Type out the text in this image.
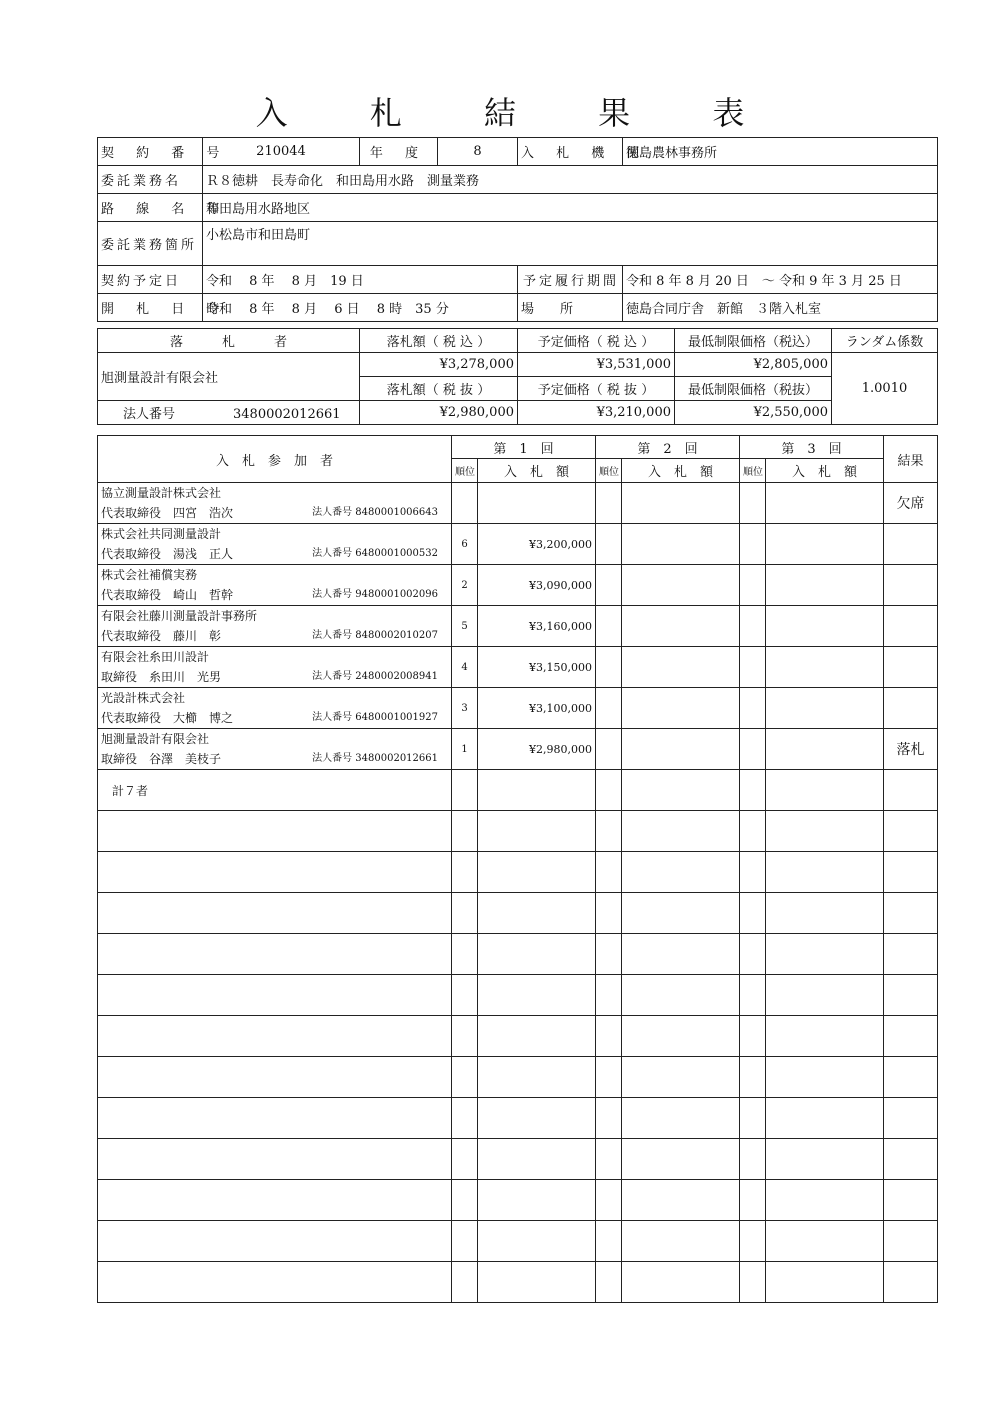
入 札 結 果 表
契 約 番 号	210044	年 度	8	入 札 機 関	徳島農林事務所
委託業務名	Ｒ８徳耕　長寿命化　和田島用水路　測量業務				
路 線 名 等	和田島用水路地区				
委託業務箇所	小松島市和田島町				
契約予定日	令和　 8 年　 8 月　19 日			予定履行期間	令和 8 年 8 月 20 日　～ 令和 9 年 3 月 25 日
開 札 日 時	令和　 8 年　 8 月　 6 日　 8 時　35 分			場　　所	徳島合同庁舎　新館　３階入札室
落　　　札　　　者	落札額（ 税 込 ）	予定価格（ 税 込 ）	最低制限価格（税込）	ランダム係数
旭測量設計有限会社	¥3,278,000	¥3,531,000	¥2,805,000	1.0010
	落札額（ 税 抜 ）	予定価格（ 税 抜 ）	最低制限価格（税抜）	
法人番号 3480002012661	¥2,980,000	¥3,210,000	¥2,550,000	
入　札　参　加　者	第　1　回		第　2　回		第　3　回		結果
	順位	入　札　額	順位	入　札　額	順位	入　札　額	

協立測量設計株式会社
代表取締役　四宮　浩次 法人番号 8480001006643							欠席

株式会社共同測量設計
代表取締役　湯浅　正人 法人番号 6480001000532	6	¥3,200,000					

株式会社補償実務
代表取締役　崎山　哲幹 法人番号 9480001002096	2	¥3,090,000					

有限会社藤川測量設計事務所
代表取締役　藤川　彰 法人番号 8480002010207	5	¥3,160,000					

有限会社糸田川設計
取締役　糸田川　光男 法人番号 2480002008941	4	¥3,150,000					

光設計株式会社
代表取締役　大櫛　博之 法人番号 6480001001927	3	¥3,100,000					

旭測量設計有限会社
取締役　谷澤　美枝子 法人番号 3480002012661	1	¥2,980,000					落札
計７者							
